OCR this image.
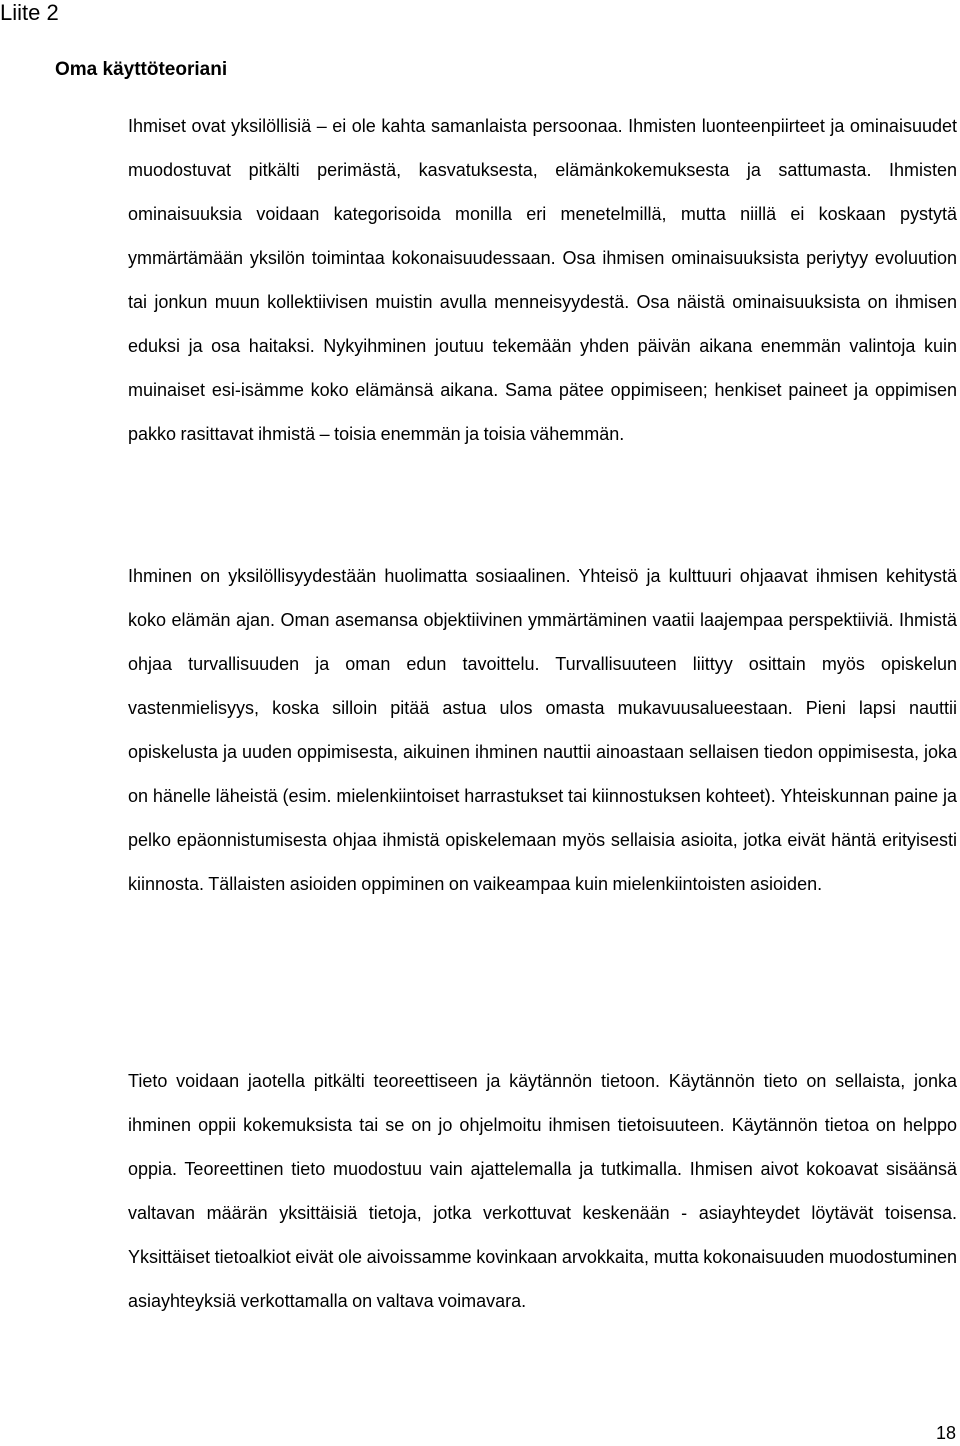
Liite 2
Oma käyttöteoriani

Ihmiset ovat yksilöllisiä – ei ole kahta samanlaista persoonaa. Ihmisten luonteenpiirteet ja ominaisuudet muodostuvat pitkälti perimästä, kasvatuksesta, elämänkokemuksesta ja sattumasta. Ihmisten ominaisuuksia voidaan kategorisoida monilla eri menetelmillä, mutta niillä ei koskaan pystytä ymmärtämään yksilön toimintaa kokonaisuudessaan. Osa ihmisen ominaisuuksista periytyy evoluution tai jonkun muun kollektiivisen muistin avulla menneisyydestä. Osa näistä ominaisuuksista on ihmisen eduksi ja osa haitaksi. Nykyihminen joutuu tekemään yhden päivän aikana enemmän valintoja kuin muinaiset esi-isämme koko elämänsä aikana. Sama pätee oppimiseen; henkiset paineet ja oppimisen pakko rasittavat ihmistä – toisia enemmän ja toisia vähemmän.

Ihminen on yksilöllisyydestään huolimatta sosiaalinen. Yhteisö ja kulttuuri ohjaavat ihmisen kehitystä koko elämän ajan. Oman asemansa objektiivinen ymmärtäminen vaatii laajempaa perspektiiviä. Ihmistä ohjaa turvallisuuden ja oman edun tavoittelu. Turvallisuuteen liittyy osittain myös opiskelun vastenmielisyys, koska silloin pitää astua ulos omasta mukavuusalueestaan. Pieni lapsi nauttii opiskelusta ja uuden oppimisesta, aikuinen ihminen nauttii ainoastaan sellaisen tiedon oppimisesta, joka on hänelle läheistä (esim. mielenkiintoiset harrastukset tai kiinnostuksen kohteet). Yhteiskunnan paine ja pelko epäonnistumisesta ohjaa ihmistä opiskelemaan myös sellaisia asioita, jotka eivät häntä erityisesti kiinnosta. Tällaisten asioiden oppiminen on vaikeampaa kuin mielenkiintoisten asioiden.

Tieto voidaan jaotella pitkälti teoreettiseen ja käytännön tietoon. Käytännön tieto on sellaista, jonka ihminen oppii kokemuksista tai se on jo ohjelmoitu ihmisen tietoisuuteen. Käytännön tietoa on helppo oppia. Teoreettinen tieto muodostuu vain ajattelemalla ja tutkimalla. Ihmisen aivot kokoavat sisäänsä valtavan määrän yksittäisiä tietoja, jotka verkottuvat keskenään - asiayhteydet löytävät toisensa. Yksittäiset tietoalkiot eivät ole aivoissamme kovinkaan arvokkaita, mutta kokonaisuuden muodostuminen asiayhteyksiä verkottamalla on valtava voimavara.

18
